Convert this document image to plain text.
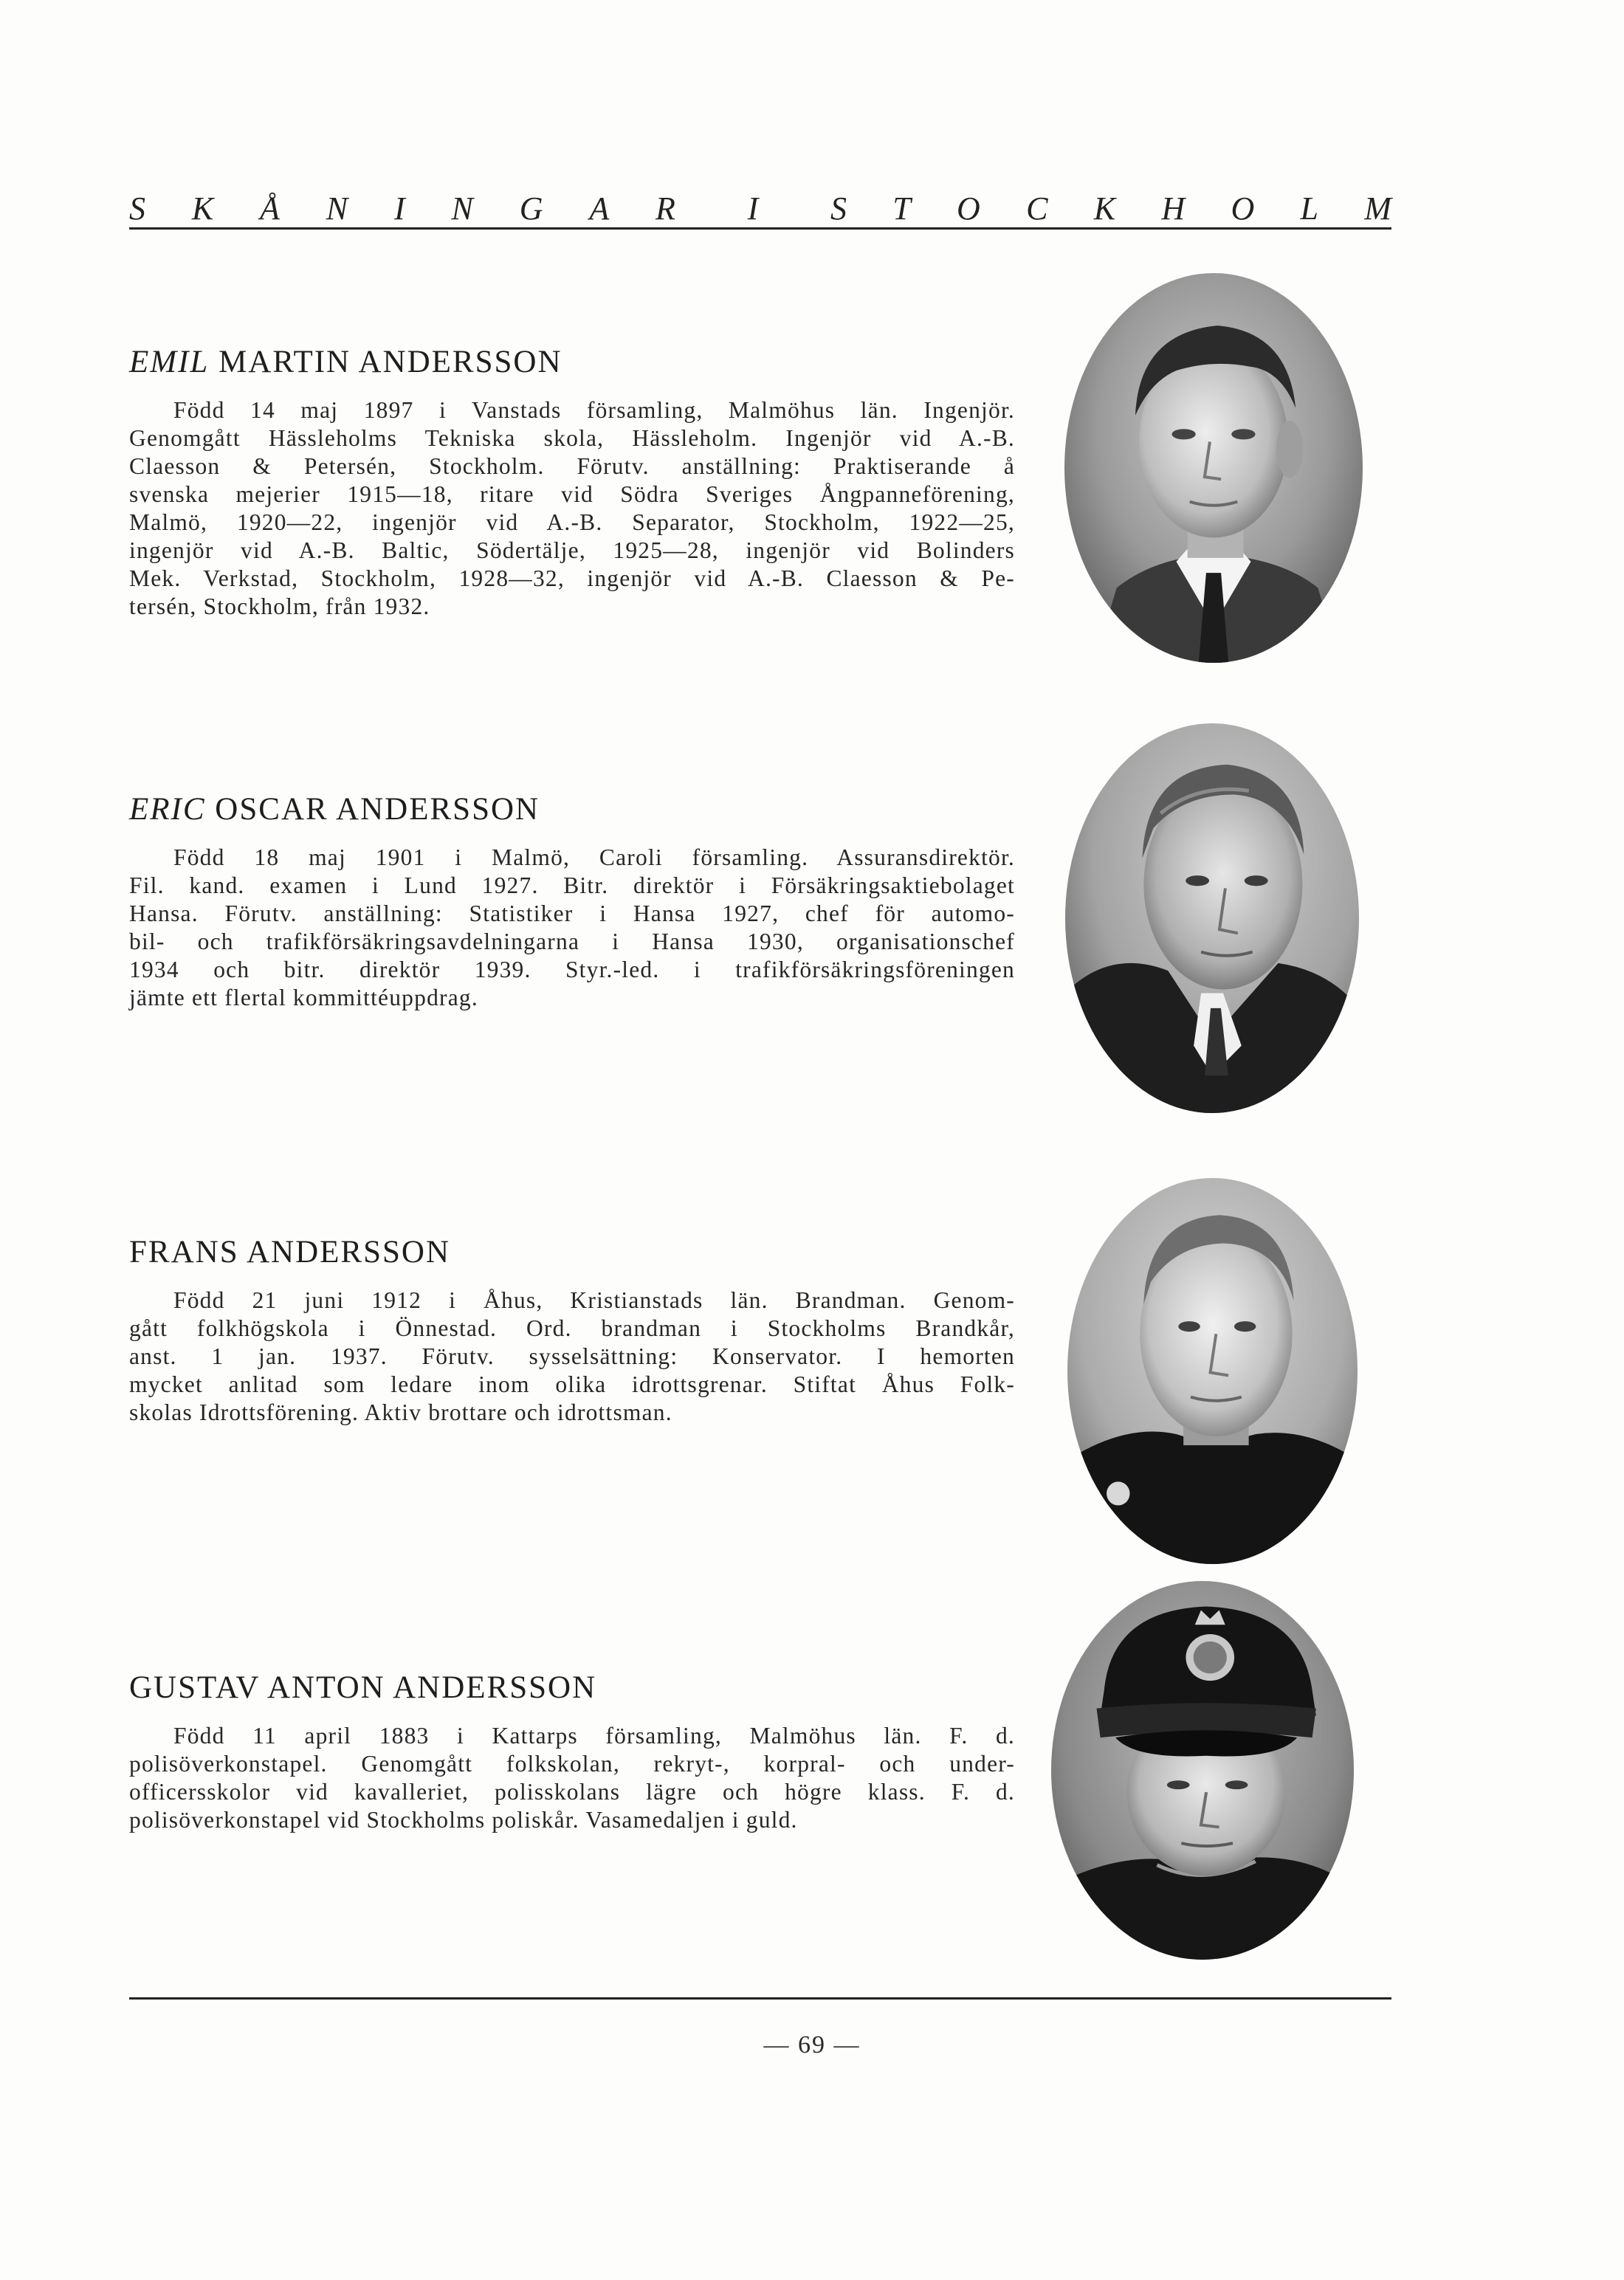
S K Å N I N G A R I S T O C K H O L M
EMIL MARTIN ANDERSSON

Född 14 maj 1897 i Vanstads församling, Malmöhus län. Ingenjör.
Genomgått Hässleholms Tekniska skola, Hässleholm. Ingenjör vid A.-B.
Claesson & Petersén, Stockholm. Förutv. anställning: Praktiserande å
svenska mejerier 1915—18, ritare vid Södra Sveriges Ångpanneförening,
Malmö, 1920—22, ingenjör vid A.-B. Separator, Stockholm, 1922—25,
ingenjör vid A.-B. Baltic, Södertälje, 1925—28, ingenjör vid Bolinders
Mek. Verkstad, Stockholm, 1928—32, ingenjör vid A.-B. Claesson & Pe-
tersén, Stockholm, från 1932.

ERIC OSCAR ANDERSSON

Född 18 maj 1901 i Malmö, Caroli församling. Assuransdirektör.
Fil. kand. examen i Lund 1927. Bitr. direktör i Försäkringsaktiebolaget
Hansa. Förutv. anställning: Statistiker i Hansa 1927, chef för automo-
bil- och trafikförsäkringsavdelningarna i Hansa 1930, organisationschef
1934 och bitr. direktör 1939. Styr.-led. i trafikförsäkringsföreningen
jämte ett flertal kommittéuppdrag.

FRANS ANDERSSON

Född 21 juni 1912 i Åhus, Kristianstads län. Brandman. Genom-
gått folkhögskola i Önnestad. Ord. brandman i Stockholms Brandkår,
anst. 1 jan. 1937. Förutv. sysselsättning: Konservator. I hemorten
mycket anlitad som ledare inom olika idrottsgrenar. Stiftat Åhus Folk-
skolas Idrottsförening. Aktiv brottare och idrottsman.

GUSTAV ANTON ANDERSSON

Född 11 april 1883 i Kattarps församling, Malmöhus län. F. d.
polisöverkonstapel. Genomgått folkskolan, rekryt-, korpral- och under-
officersskolor vid kavalleriet, polisskolans lägre och högre klass. F. d.
polisöverkonstapel vid Stockholms poliskår. Vasamedaljen i guld.

— 69 —
